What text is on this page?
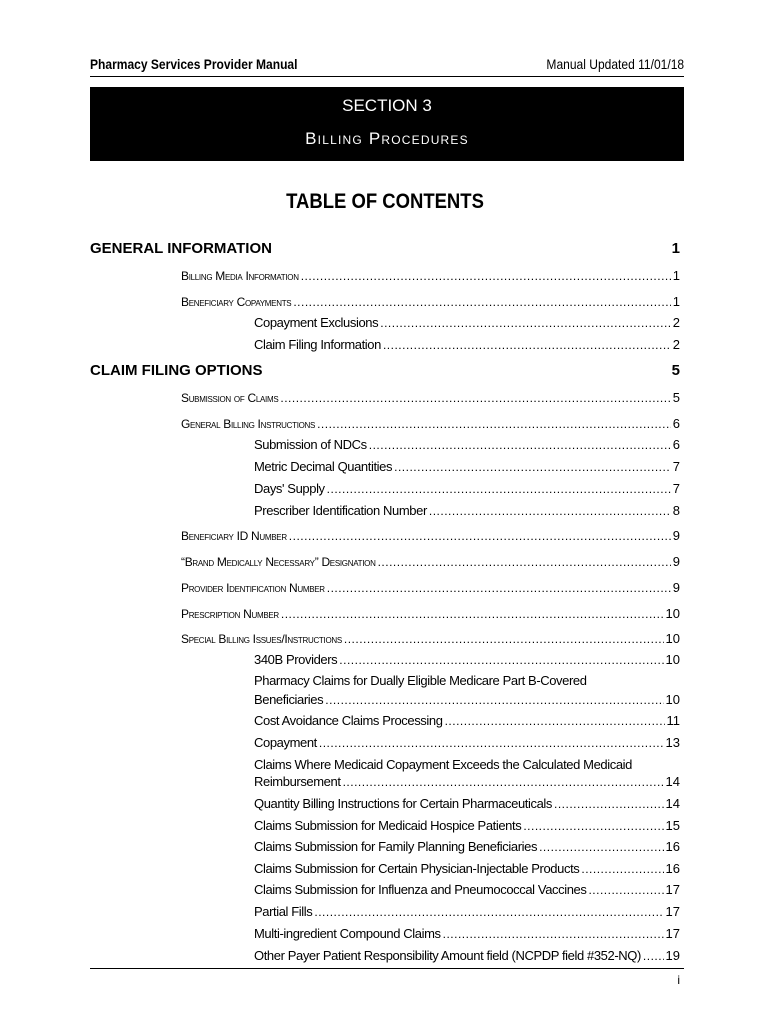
Pharmacy Services Provider Manual	Manual Updated 11/01/18
SECTION 3
Billing Procedures
TABLE OF CONTENTS
GENERAL INFORMATION	1
CLAIM FILING OPTIONS	5
Billing Media Information .....	1
Beneficiary Copayments .....	1
Copayment Exclusions .....	2
Claim Filing Information .....	2
Submission of Claims .....	5
General Billing Instructions .....	6
Submission of NDCs .....	6
Metric Decimal Quantities .....	7
Days' Supply .....	7
Prescriber Identification Number .....	8
Beneficiary ID Number .....	9
“Brand Medically Necessary” Designation .....	9
Provider Identification Number .....	9
Prescription Number .....	10
Special Billing Issues/Instructions .....	10
340B Providers .....	10
Pharmacy Claims for Dually Eligible Medicare Part B-Covered
Beneficiaries .....	10
Cost Avoidance Claims Processing .....	11
Copayment .....	13
Claims Where Medicaid Copayment Exceeds the Calculated Medicaid
Reimbursement .....	14
Quantity Billing Instructions for Certain Pharmaceuticals .....	14
Claims Submission for Medicaid Hospice Patients .....	15
Claims Submission for Family Planning Beneficiaries .....	16
Claims Submission for Certain Physician-Injectable Products .....	16
Claims Submission for Influenza and Pneumococcal Vaccines .....	17
Partial Fills .....	17
Multi-ingredient Compound Claims .....	17
Other Payer Patient Responsibility Amount field (NCPDP field #352-NQ) ..... 19
i
